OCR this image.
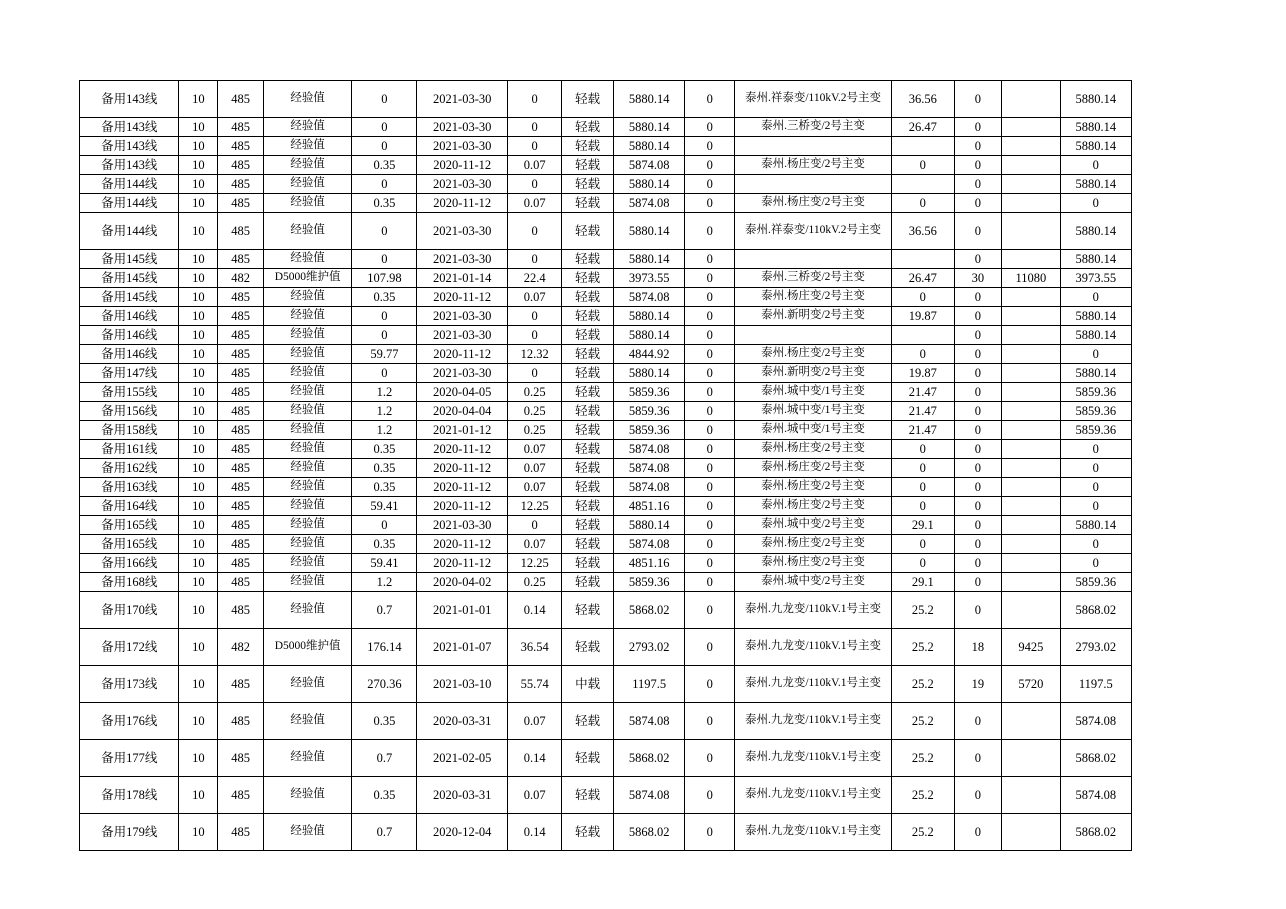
备用143线	10	485	经验值	0	2021-03-30	0	轻载	5880.14	0	泰州.祥泰变/110kV.2号主变	36.56	0		5880.14
备用143线	10	485	经验值	0	2021-03-30	0	轻载	5880.14	0	泰州.三桥变/2号主变	26.47	0		5880.14
备用143线	10	485	经验值	0	2021-03-30	0	轻载	5880.14	0			0		5880.14
备用143线	10	485	经验值	0.35	2020-11-12	0.07	轻载	5874.08	0	泰州.杨庄变/2号主变	0	0		0
备用144线	10	485	经验值	0	2021-03-30	0	轻载	5880.14	0			0		5880.14
备用144线	10	485	经验值	0.35	2020-11-12	0.07	轻载	5874.08	0	泰州.杨庄变/2号主变	0	0		0
备用144线	10	485	经验值	0	2021-03-30	0	轻载	5880.14	0	泰州.祥泰变/110kV.2号主变	36.56	0		5880.14
备用145线	10	485	经验值	0	2021-03-30	0	轻载	5880.14	0			0		5880.14
备用145线	10	482	D5000维护值	107.98	2021-01-14	22.4	轻载	3973.55	0	泰州.三桥变/2号主变	26.47	30	11080	3973.55
备用145线	10	485	经验值	0.35	2020-11-12	0.07	轻载	5874.08	0	泰州.杨庄变/2号主变	0	0		0
备用146线	10	485	经验值	0	2021-03-30	0	轻载	5880.14	0	泰州.新明变/2号主变	19.87	0		5880.14
备用146线	10	485	经验值	0	2021-03-30	0	轻载	5880.14	0			0		5880.14
备用146线	10	485	经验值	59.77	2020-11-12	12.32	轻载	4844.92	0	泰州.杨庄变/2号主变	0	0		0
备用147线	10	485	经验值	0	2021-03-30	0	轻载	5880.14	0	泰州.新明变/2号主变	19.87	0		5880.14
备用155线	10	485	经验值	1.2	2020-04-05	0.25	轻载	5859.36	0	泰州.城中变/1号主变	21.47	0		5859.36
备用156线	10	485	经验值	1.2	2020-04-04	0.25	轻载	5859.36	0	泰州.城中变/1号主变	21.47	0		5859.36
备用158线	10	485	经验值	1.2	2021-01-12	0.25	轻载	5859.36	0	泰州.城中变/1号主变	21.47	0		5859.36
备用161线	10	485	经验值	0.35	2020-11-12	0.07	轻载	5874.08	0	泰州.杨庄变/2号主变	0	0		0
备用162线	10	485	经验值	0.35	2020-11-12	0.07	轻载	5874.08	0	泰州.杨庄变/2号主变	0	0		0
备用163线	10	485	经验值	0.35	2020-11-12	0.07	轻载	5874.08	0	泰州.杨庄变/2号主变	0	0		0
备用164线	10	485	经验值	59.41	2020-11-12	12.25	轻载	4851.16	0	泰州.杨庄变/2号主变	0	0		0
备用165线	10	485	经验值	0	2021-03-30	0	轻载	5880.14	0	泰州.城中变/2号主变	29.1	0		5880.14
备用165线	10	485	经验值	0.35	2020-11-12	0.07	轻载	5874.08	0	泰州.杨庄变/2号主变	0	0		0
备用166线	10	485	经验值	59.41	2020-11-12	12.25	轻载	4851.16	0	泰州.杨庄变/2号主变	0	0		0
备用168线	10	485	经验值	1.2	2020-04-02	0.25	轻载	5859.36	0	泰州.城中变/2号主变	29.1	0		5859.36
备用170线	10	485	经验值	0.7	2021-01-01	0.14	轻载	5868.02	0	泰州.九龙变/110kV.1号主变	25.2	0		5868.02
备用172线	10	482	D5000维护值	176.14	2021-01-07	36.54	轻载	2793.02	0	泰州.九龙变/110kV.1号主变	25.2	18	9425	2793.02
备用173线	10	485	经验值	270.36	2021-03-10	55.74	中载	1197.5	0	泰州.九龙变/110kV.1号主变	25.2	19	5720	1197.5
备用176线	10	485	经验值	0.35	2020-03-31	0.07	轻载	5874.08	0	泰州.九龙变/110kV.1号主变	25.2	0		5874.08
备用177线	10	485	经验值	0.7	2021-02-05	0.14	轻载	5868.02	0	泰州.九龙变/110kV.1号主变	25.2	0		5868.02
备用178线	10	485	经验值	0.35	2020-03-31	0.07	轻载	5874.08	0	泰州.九龙变/110kV.1号主变	25.2	0		5874.08
备用179线	10	485	经验值	0.7	2020-12-04	0.14	轻载	5868.02	0	泰州.九龙变/110kV.1号主变	25.2	0		5868.02
